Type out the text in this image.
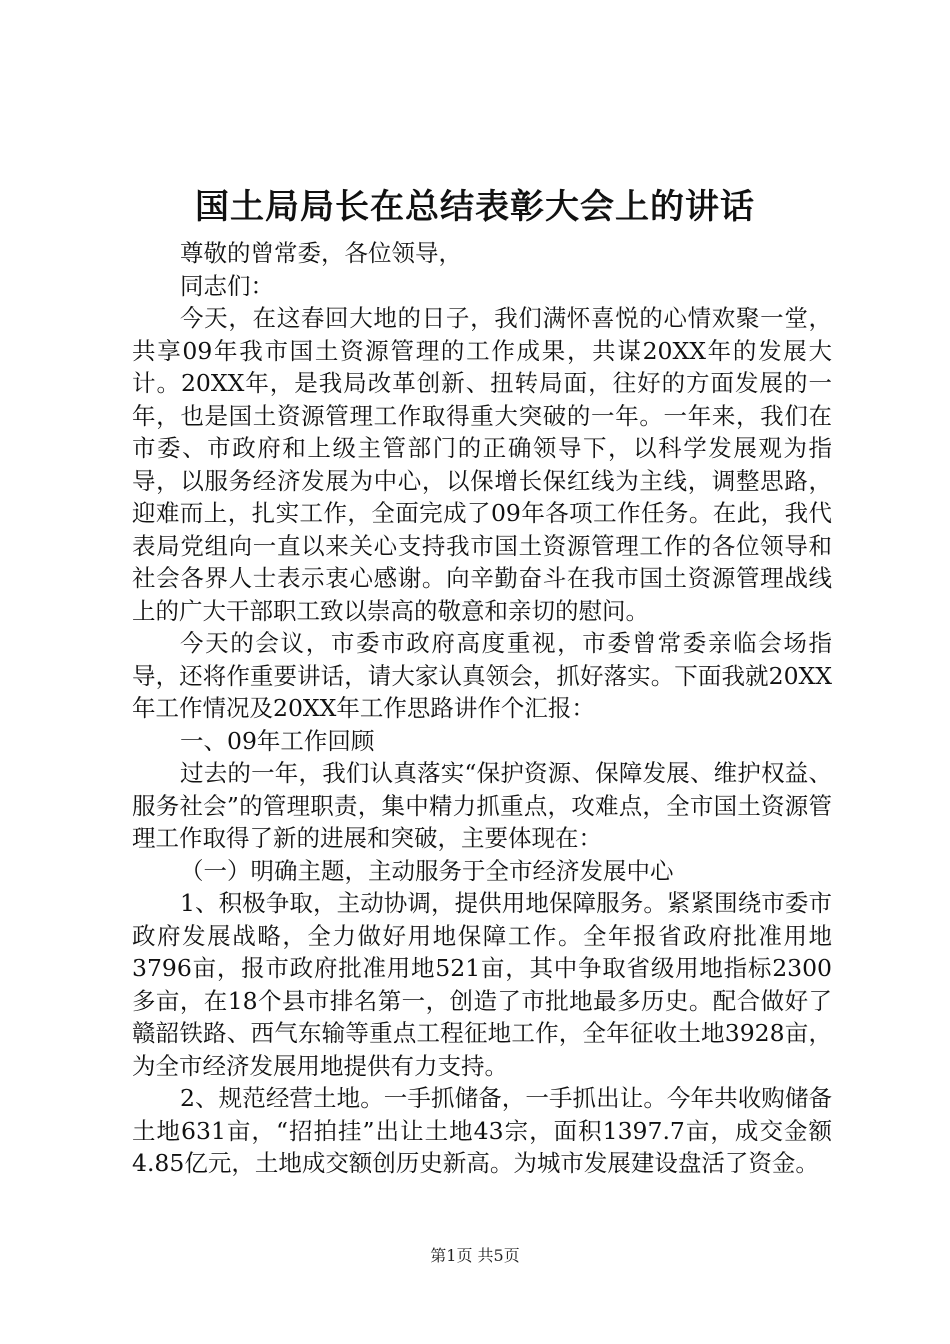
国土局局长在总结表彰大会上的讲话

尊敬的曾常委，各位领导，

同志们：

今天，在这春回大地的日子，我们满怀喜悦的心情欢聚一堂，共享09年我市国土资源管理的工作成果，共谋20XX年的发展大计。20XX年，是我局改革创新、扭转局面，往好的方面发展的一年，也是国土资源管理工作取得重大突破的一年。一年来，我们在市委、市政府和上级主管部门的正确领导下，以科学发展观为指导，以服务经济发展为中心，以保增长保红线为主线，调整思路，迎难而上，扎实工作，全面完成了09年各项工作任务。在此，我代表局党组向一直以来关心支持我市国土资源管理工作的各位领导和社会各界人士表示衷心感谢。向辛勤奋斗在我市国土资源管理战线上的广大干部职工致以崇高的敬意和亲切的慰问。

今天的会议，市委市政府高度重视，市委曾常委亲临会场指导，还将作重要讲话，请大家认真领会，抓好落实。下面我就20XX年工作情况及20XX年工作思路讲作个汇报：

一、09年工作回顾

过去的一年，我们认真落实“保护资源、保障发展、维护权益、服务社会”的管理职责，集中精力抓重点，攻难点，全市国土资源管理工作取得了新的进展和突破，主要体现在：

（一）明确主题，主动服务于全市经济发展中心

1、积极争取，主动协调，提供用地保障服务。紧紧围绕市委市政府发展战略，全力做好用地保障工作。全年报省政府批准用地3796亩，报市政府批准用地521亩，其中争取省级用地指标2300多亩，在18个县市排名第一，创造了市批地最多历史。配合做好了赣韶铁路、西气东输等重点工程征地工作，全年征收土地3928亩，为全市经济发展用地提供有力支持。

2、规范经营土地。一手抓储备，一手抓出让。今年共收购储备土地631亩，“招拍挂”出让土地43宗，面积1397.7亩，成交金额4.85亿元，土地成交额创历史新高。为城市发展建设盘活了资金。

第1页 共5页
